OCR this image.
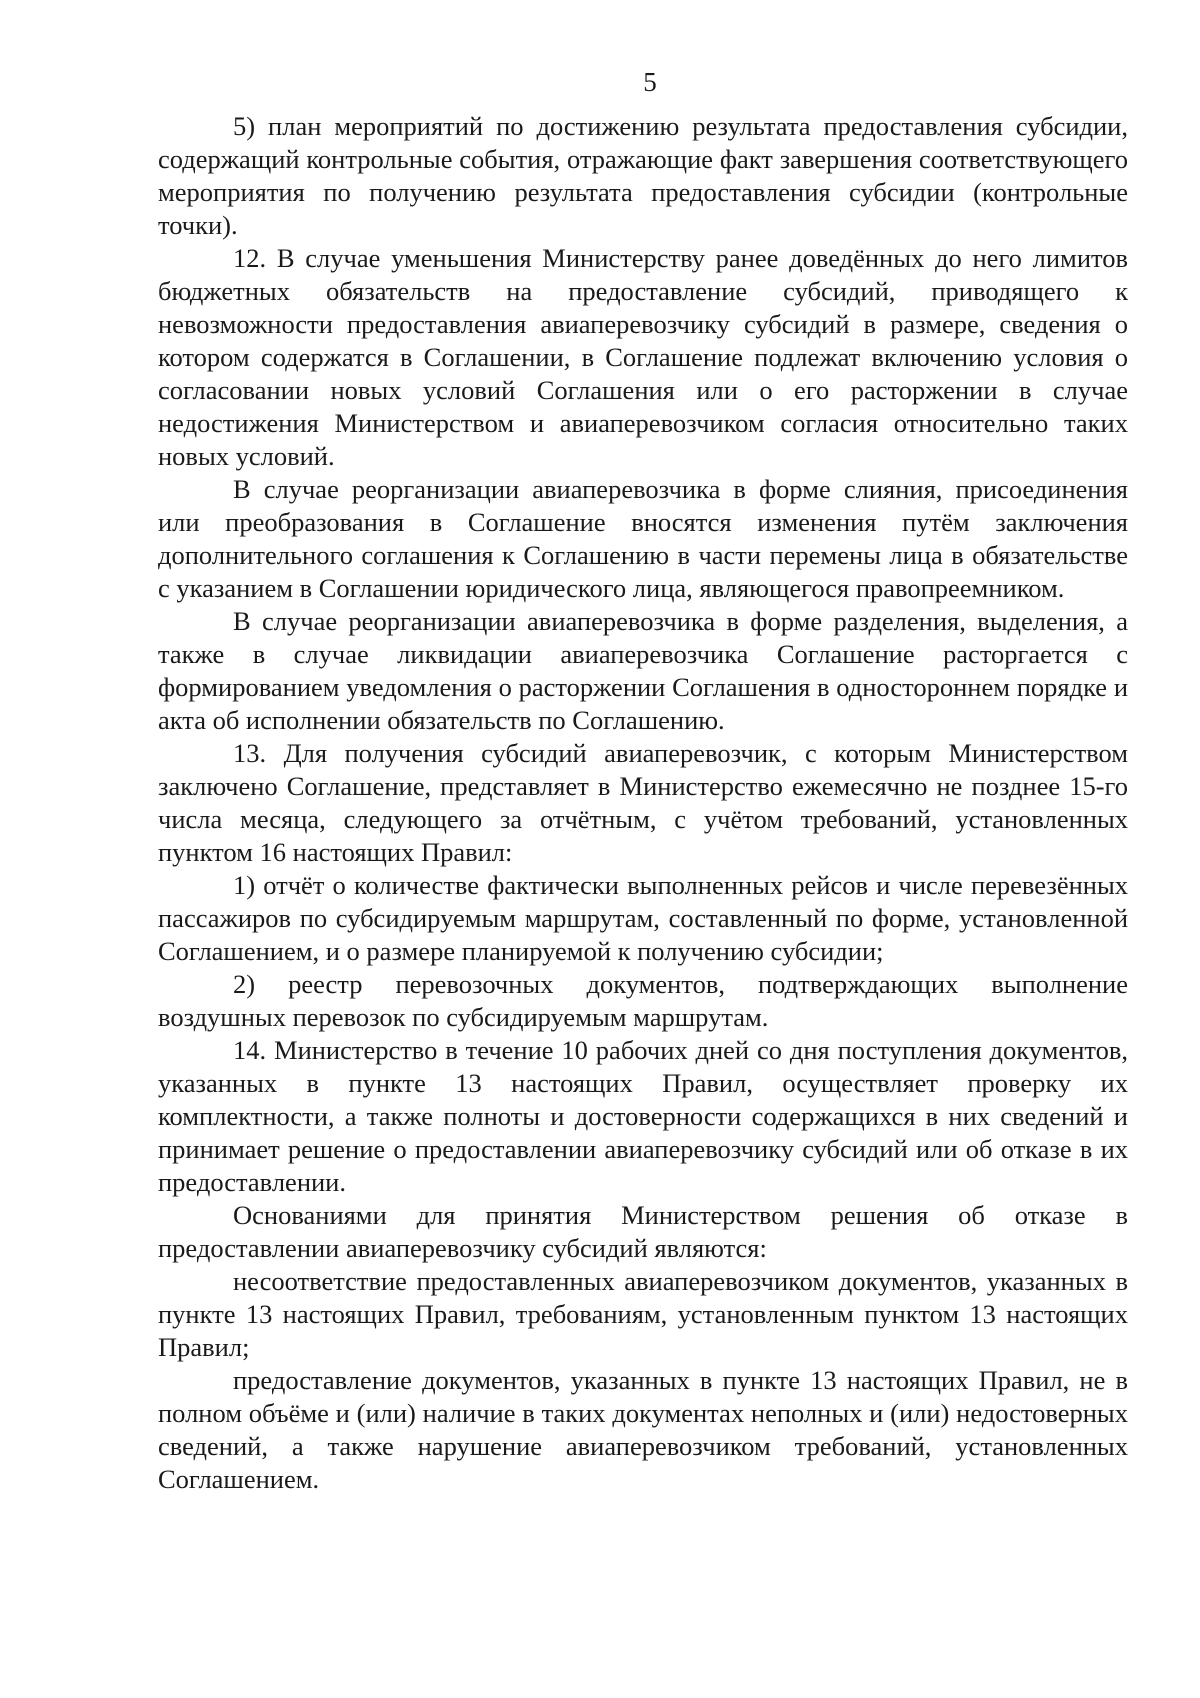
5

5) план мероприятий по достижению результата предоставления субсидии, содержащий контрольные события, отражающие факт завершения соответствующего мероприятия по получению результата предоставления субсидии (контрольные точки).

12. В случае уменьшения Министерству ранее доведённых до него лимитов бюджетных обязательств на предоставление субсидий, приводящего к невозможности предоставления авиаперевозчику субсидий в размере, сведения о котором содержатся в Соглашении, в Соглашение подлежат включению условия о согласовании новых условий Соглашения или о его расторжении в случае недостижения Министерством и авиаперевозчиком согласия относительно таких новых условий.

В случае реорганизации авиаперевозчика в форме слияния, присоединения или преобразования в Соглашение вносятся изменения путём заключения дополнительного соглашения к Соглашению в части перемены лица в обязательстве с указанием в Соглашении юридического лица, являющегося правопреемником.

В случае реорганизации авиаперевозчика в форме разделения, выделения, а также в случае ликвидации авиаперевозчика Соглашение расторгается с формированием уведомления о расторжении Соглашения в одностороннем порядке и акта об исполнении обязательств по Соглашению.

13. Для получения субсидий авиаперевозчик, с которым Министерством заключено Соглашение, представляет в Министерство ежемесячно не позднее 15-го числа месяца, следующего за отчётным, с учётом требований, установленных пунктом 16 настоящих Правил:

1) отчёт о количестве фактически выполненных рейсов и числе перевезённых пассажиров по субсидируемым маршрутам, составленный по форме, установленной Соглашением, и о размере планируемой к получению субсидии;

2) реестр перевозочных документов, подтверждающих выполнение воздушных перевозок по субсидируемым маршрутам.

14. Министерство в течение 10 рабочих дней со дня поступления документов, указанных в пункте 13 настоящих Правил, осуществляет проверку их комплектности, а также полноты и достоверности содержащихся в них сведений и принимает решение о предоставлении авиаперевозчику субсидий или об отказе в их предоставлении.

Основаниями для принятия Министерством решения об отказе в предоставлении авиаперевозчику субсидий являются:

несоответствие предоставленных авиаперевозчиком документов, указанных в пункте 13 настоящих Правил, требованиям, установленным пунктом 13 настоящих Правил;

предоставление документов, указанных в пункте 13 настоящих Правил, не в полном объёме и (или) наличие в таких документах неполных и (или) недостоверных сведений, а также нарушение авиаперевозчиком требований, установленных Соглашением.
